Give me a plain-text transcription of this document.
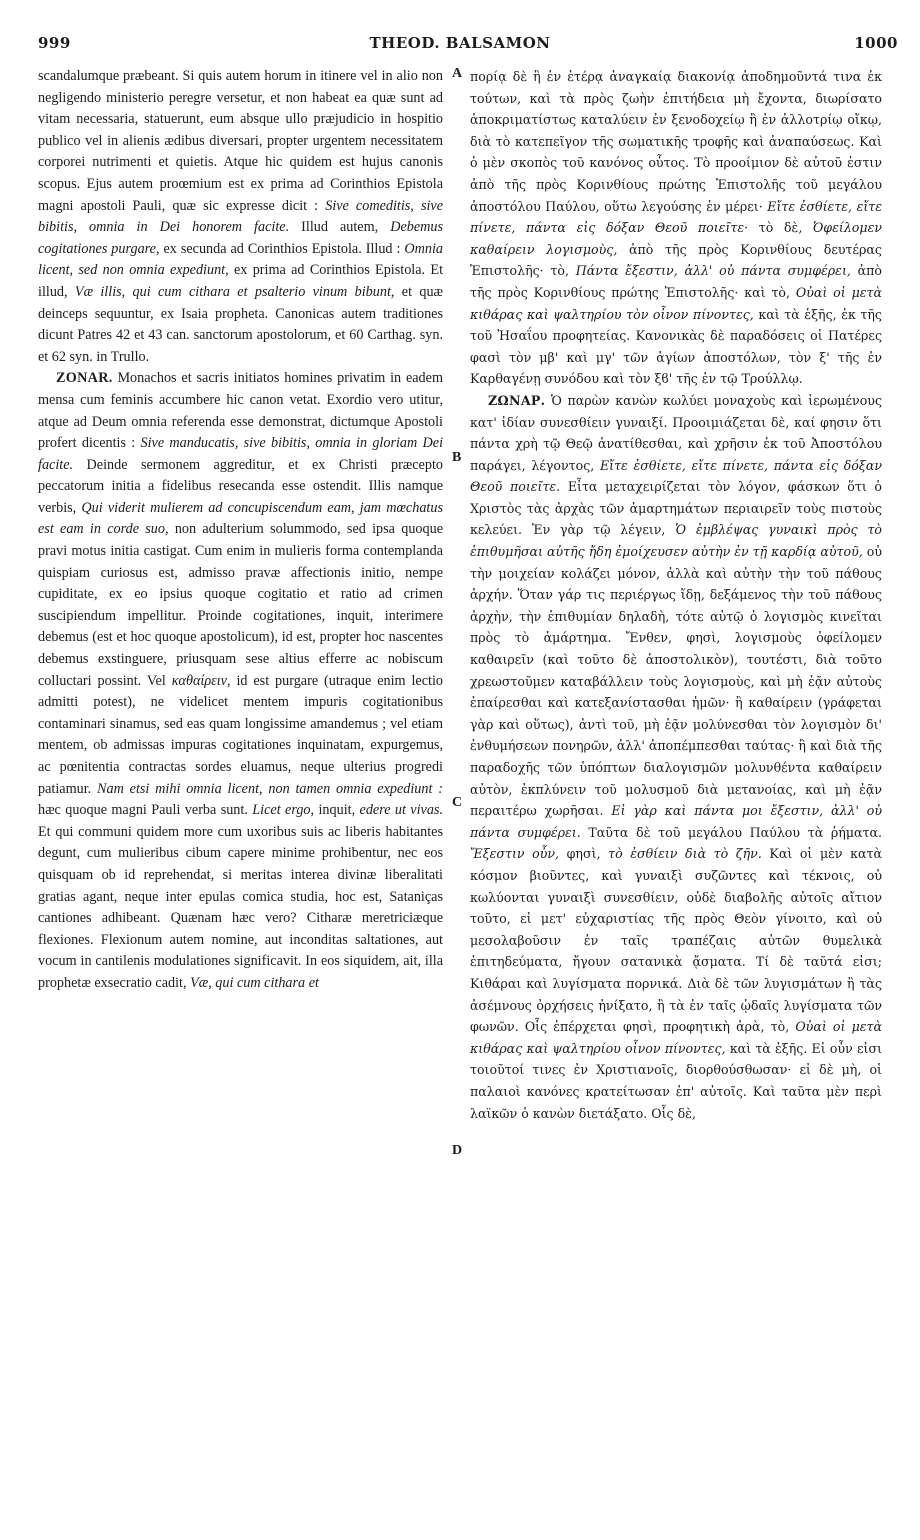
999	THEOD. BALSAMON	1000
A
B
C
D

scandalumque præbeant. Si quis autem horum in itinere vel in alio non negligendo ministerio peregre versetur, et non habeat ea quæ sunt ad vitam necessaria, statuerunt, eum absque ullo præjudicio in hospitio publico vel in alienis ædibus diversari, propter urgentem necessitatem corporei nutrimenti et quietis. Atque hic quidem est hujus canonis scopus. Ejus autem proœmium est ex prima ad Corinthios Epistola magni apostoli Pauli, quæ sic expresse dicit : Sive comeditis, sive bibitis, omnia in Dei honorem facite. Illud autem, Debemus cogitationes purgare, ex secunda ad Corinthios Epistola. Illud : Omnia licent, sed non omnia expediunt, ex prima ad Corinthios Epistola. Et illud, Væ illis, qui cum cithara et psalterio vinum bibunt, et quæ deinceps sequuntur, ex Isaia propheta. Canonicas autem traditiones dicunt Patres 42 et 43 can. sanctorum apostolorum, et 60 Carthag. syn. et 62 syn. in Trullo.

ZONAR. Monachos et sacris initiatos homines privatim in eadem mensa cum feminis accumbere hic canon vetat. Exordio vero utitur, atque ad Deum omnia referenda esse demonstrat, dictumque Apostoli profert dicentis : Sive manducatis, sive bibitis, omnia in gloriam Dei facite. Deinde sermonem aggreditur, et ex Christi præcepto peccatorum initia a fidelibus resecanda esse ostendit. Illis namque verbis, Qui viderit mulierem ad concupiscendum eam, jam mœchatus est eam in corde suo, non adulterium solummodo, sed ipsa quoque pravi motus initia castigat. Cum enim in mulieris forma contemplanda quispiam curiosus est, admisso pravæ affectionis initio, nempe cupiditate, ex eo ipsius quoque cogitatio et ratio ad crimen suscipiendum impellitur. Proinde cogitationes, inquit, interimere debemus (est et hoc quoque apostolicum), id est, propter hoc nascentes debemus exstinguere, priusquam sese altius efferre ac nobiscum colluctari possint. Vel καθαίρειν, id est purgare (utraque enim lectio admitti potest), ne videlicet mentem impuris cogitationibus contaminari sinamus, sed eas quam longissime amandemus ; vel etiam mentem, ob admissas impuras cogitationes inquinatam, expurgemus, ac pœnitentia contractas sordes eluamus, neque ulterius progredi patiamur. Nam etsi mihi omnia licent, non tamen omnia expediunt : hæc quoque magni Pauli verba sunt. Licet ergo, inquit, edere ut vivas. Et qui communi quidem more cum uxoribus suis ac liberis habitantes degunt, cum mulieribus cibum capere minime prohibentur, nec eos quisquam ob id reprehendat, si meritas interea divinæ liberalitati gratias agant, neque inter epulas comica studia, hoc est, Sataniças cantiones adhibeant. Quænam hæc vero? Citharæ meretriciæque flexiones. Flexionum autem nomine, aut inconditas saltationes, aut vocum in cantilenis modulationes significavit. In eos siquidem, ait, illa prophetæ exsecratio cadit, Væ, qui cum cithara et

πορίᾳ δὲ ἢ ἐν ἑτέρᾳ ἀναγκαίᾳ διακονίᾳ ἀποδημοῦντά τινα ἐκ τούτων, καὶ τὰ πρὸς ζωὴν ἐπιτήδεια μὴ ἔχοντα, διωρίσατο ἀποκριματίστως καταλύειν ἐν ξενοδοχείῳ ἢ ἐν ἀλλοτρίῳ οἴκῳ, διὰ τὸ κατεπεῖγον τῆς σωματικῆς τροφῆς καὶ ἀναπαύσεως. Καὶ ὁ μὲν σκοπὸς τοῦ κανόνος οὗτος. Τὸ προοίμιον δὲ αὐτοῦ ἐστιν ἀπὸ τῆς πρὸς Κορινθίους πρώτης Ἐπιστολῆς τοῦ μεγάλου ἀποστόλου Παύλου, οὕτω λεγούσης ἐν μέρει· Εἴτε ἐσθίετε, εἴτε πίνετε, πάντα εἰς δόξαν Θεοῦ ποιεῖτε· τὸ δὲ, Ὀφείλομεν καθαίρειν λογισμοὺς, ἀπὸ τῆς πρὸς Κορινθίους δευτέρας Ἐπιστολῆς· τὸ, Πάντα ἔξεστιν, ἀλλ' οὐ πάντα συμφέρει, ἀπὸ τῆς πρὸς Κορινθίους πρώτης Ἐπιστολῆς· καὶ τὸ, Οὐαὶ οἱ μετὰ κιθάρας καὶ ψαλτηρίου τὸν οἶνον πίνοντες, καὶ τὰ ἑξῆς, ἐκ τῆς τοῦ Ἡσαΐου προφητείας. Κανονικὰς δὲ παραδόσεις οἱ Πατέρες φασὶ τὸν μβ' καὶ μγ' τῶν ἁγίων ἀποστόλων, τὸν ξ' τῆς ἐν Καρθαγένῃ συνόδου καὶ τὸν ξϐ' τῆς ἐν τῷ Τρούλλῳ.

ΖΩΝΑΡ. Ὁ παρὼν κανὼν κωλύει μοναχοὺς καὶ ἱερωμένους κατ' ἰδίαν συνεσθίειν γυναιξί. Προοιμιάζεται δὲ, καί φησιν ὅτι πάντα χρὴ τῷ Θεῷ ἀνατίθεσθαι, καὶ χρῆσιν ἐκ τοῦ Ἀποστόλου παράγει, λέγοντος, Εἴτε ἐσθίετε, εἴτε πίνετε, πάντα εἰς δόξαν Θεοῦ ποιεῖτε. Εἶτα μεταχειρίζεται τὸν λόγον, φάσκων ὅτι ὁ Χριστὸς τὰς ἀρχὰς τῶν ἁμαρτημάτων περιαιρεῖν τοὺς πιστοὺς κελεύει. Ἐν γὰρ τῷ λέγειν, Ὁ ἐμβλέψας γυναικὶ πρὸς τὸ ἐπιθυμῆσαι αὐτῆς ἤδη ἐμοίχευσεν αὐτὴν ἐν τῇ καρδίᾳ αὐτοῦ, οὐ τὴν μοιχείαν κολάζει μόνον, ἀλλὰ καὶ αὐτὴν τὴν τοῦ πάθους ἀρχήν. Ὅταν γάρ τις περιέργως ἴδῃ, δεξάμενος τὴν τοῦ πάθους ἀρχὴν, τὴν ἐπιθυμίαν δηλαδὴ, τότε αὐτῷ ὁ λογισμὸς κινεῖται πρὸς τὸ ἁμάρτημα. Ἔνθεν, φησὶ, λογισμοὺς ὀφείλομεν καθαιρεῖν (καὶ τοῦτο δὲ ἀποστολικὸν), τουτέστι, διὰ τοῦτο χρεωστοῦμεν καταβάλλειν τοὺς λογισμοὺς, καὶ μὴ ἐᾷν αὐτοὺς ἐπαίρεσθαι καὶ κατεξανίστασθαι ἡμῶν· ἢ καθαίρειν (γράφεται γὰρ καὶ οὕτως), ἀντὶ τοῦ, μὴ ἐᾷν μολύνεσθαι τὸν λογισμὸν δι' ἐνθυμήσεων πονηρῶν, ἀλλ' ἀποπέμπεσθαι ταύτας· ἢ καὶ διὰ τῆς παραδοχῆς τῶν ὑπόπτων διαλογισμῶν μολυνθέντα καθαίρειν αὐτὸν, ἐκπλύνειν τοῦ μολυσμοῦ διὰ μετανοίας, καὶ μὴ ἐᾷν περαιτέρω χωρῆσαι. Εἰ γὰρ καὶ πάντα μοι ἔξεστιν, ἀλλ' οὐ πάντα συμφέρει. Ταῦτα δὲ τοῦ μεγάλου Παύλου τὰ ῥήματα. Ἔξεστιν οὖν, φησὶ, τὸ ἐσθίειν διὰ τὸ ζῆν. Καὶ οἱ μὲν κατὰ κόσμον βιοῦντες, καὶ γυναιξὶ συζῶντες καὶ τέκνοις, οὐ κωλύονται γυναιξὶ συνεσθίειν, οὐδὲ διαβολῆς αὐτοῖς αἴτιον τοῦτο, εἰ μετ' εὐχαριστίας τῆς πρὸς Θεὸν γίνοιτο, καὶ οὐ μεσολαβοῦσιν ἐν ταῖς τραπέζαις αὐτῶν θυμελικὰ ἐπιτηδεύματα, ἤγουν σατανικὰ ᾄσματα. Τί δὲ ταῦτά εἰσι; Κιθάραι καὶ λυγίσματα πορνικά. Διὰ δὲ τῶν λυγισμάτων ἢ τὰς ἀσέμνους ὀρχήσεις ἠνίξατο, ἢ τὰ ἐν ταῖς ᾠδαῖς λυγίσματα τῶν φωνῶν. Οἷς ἐπέρχεται φησὶ, προφητικὴ ἀρὰ, τὸ, Οὐαὶ οἱ μετὰ κιθάρας καὶ ψαλτηρίου οἶνον πίνοντες, καὶ τὰ ἑξῆς. Εἰ οὖν εἰσι τοιοῦτοί τινες ἐν Χριστιανοῖς, διορθούσθωσαν· εἰ δὲ μὴ, οἱ παλαιοὶ κανόνες κρατείτωσαν ἐπ' αὐτοῖς. Καὶ ταῦτα μὲν περὶ λαϊκῶν ὁ κανὼν διετάξατο. Οἷς δὲ,
